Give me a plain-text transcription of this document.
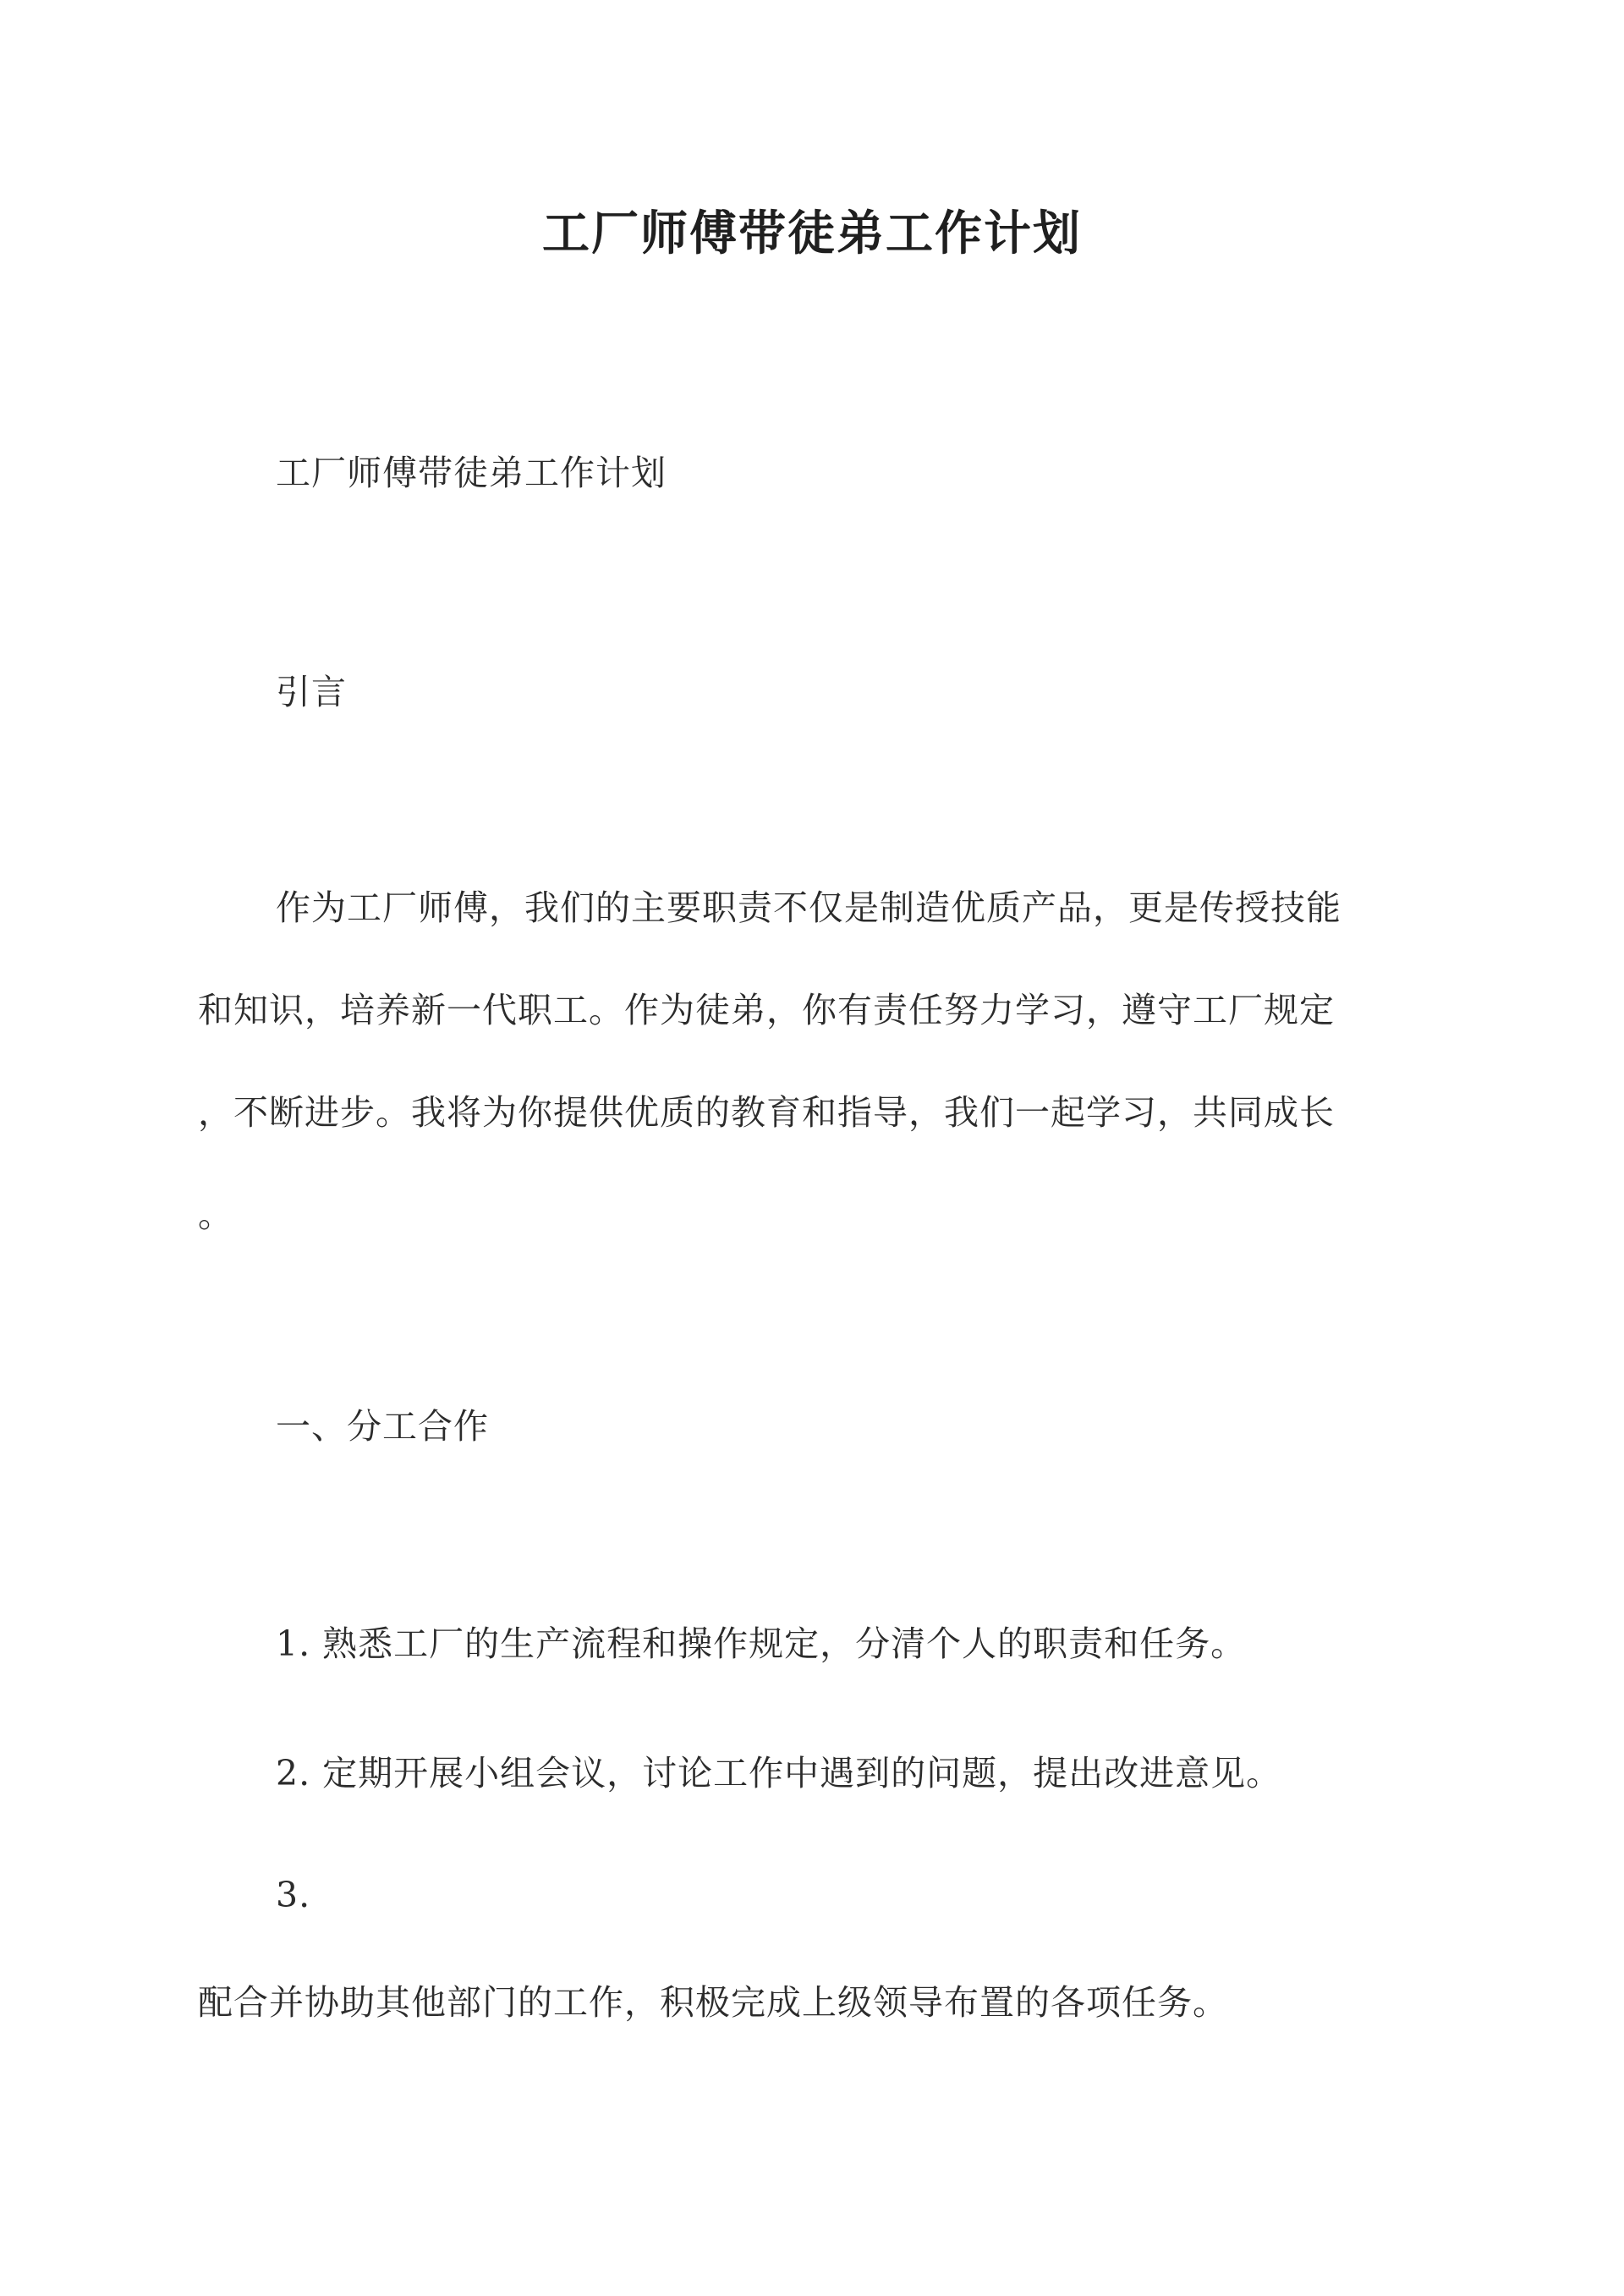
工厂师傅带徒弟工作计划
工厂师傅带徒弟工作计划
引言
作为工厂师傅，我们的主要职责不仅是制造优质产品，更是传授技能
和知识，培养新一代职工。作为徒弟，你有责任努力学习，遵守工厂规定
，不断进步。我将为你提供优质的教育和指导，我们一起学习，共同成长
。
一、分工合作
1. 熟悉工厂的生产流程和操作规定，分清个人的职责和任务。
2. 定期开展小组会议，讨论工作中遇到的问题，提出改进意见。
3.
配合并协助其他部门的工作，积极完成上级领导布置的各项任务。
